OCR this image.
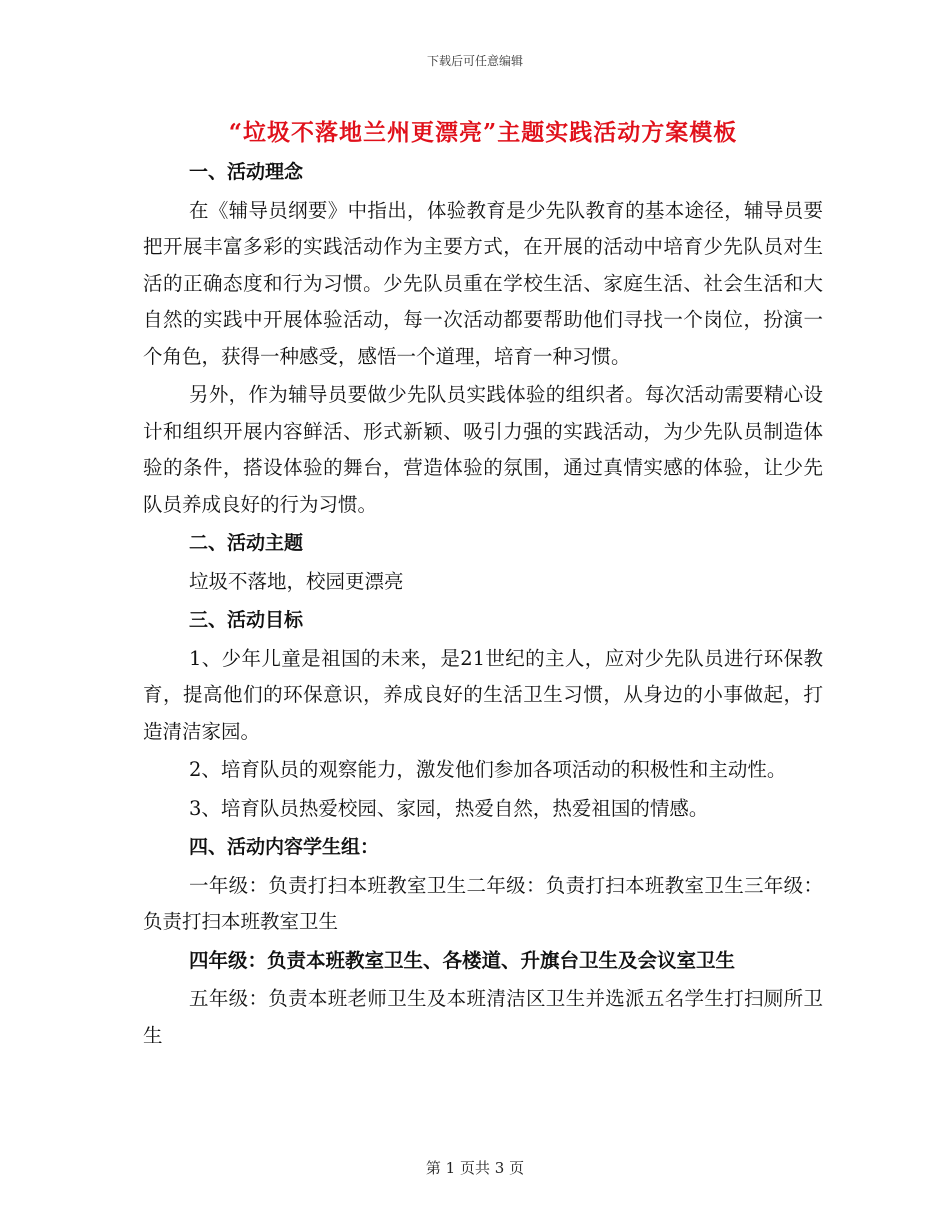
下载后可任意编辑
“垃圾不落地兰州更漂亮”主题实践活动方案模板
一、活动理念

在《辅导员纲要》中指出，体验教育是少先队教育的基本途径，辅导员要把开展丰富多彩的实践活动作为主要方式，在开展的活动中培育少先队员对生活的正确态度和行为习惯。少先队员重在学校生活、家庭生活、社会生活和大自然的实践中开展体验活动，每一次活动都要帮助他们寻找一个岗位，扮演一个角色，获得一种感受，感悟一个道理，培育一种习惯。

另外，作为辅导员要做少先队员实践体验的组织者。每次活动需要精心设计和组织开展内容鲜活、形式新颖、吸引力强的实践活动，为少先队员制造体验的条件，搭设体验的舞台，营造体验的氛围，通过真情实感的体验，让少先队员养成良好的行为习惯。

二、活动主题

垃圾不落地，校园更漂亮

三、活动目标

1、少年儿童是祖国的未来，是21世纪的主人，应对少先队员进行环保教育，提高他们的环保意识，养成良好的生活卫生习惯，从身边的小事做起，打造清洁家园。

2、培育队员的观察能力，激发他们参加各项活动的积极性和主动性。

3、培育队员热爱校园、家园，热爱自然，热爱祖国的情感。

四、活动内容学生组：

一年级：负责打扫本班教室卫生二年级：负责打扫本班教室卫生三年级：负责打扫本班教室卫生

四年级：负责本班教室卫生、各楼道、升旗台卫生及会议室卫生

五年级：负责本班老师卫生及本班清洁区卫生并选派五名学生打扫厕所卫生

第 1 页共 3 页
